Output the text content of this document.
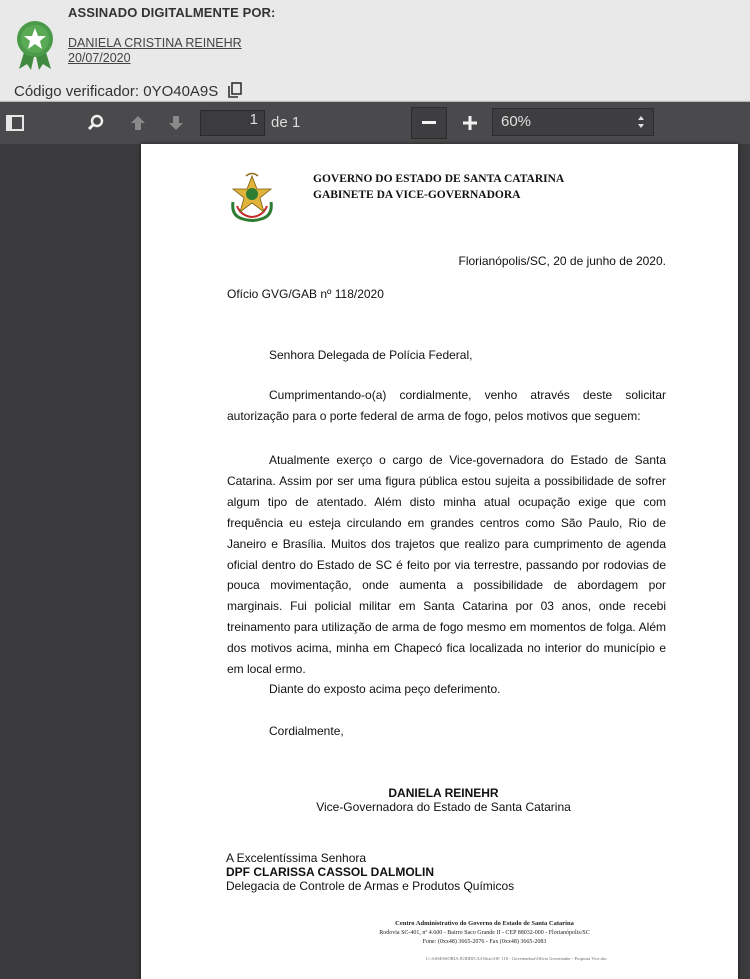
ASSINADO DIGITALMENTE POR:
DANIELA CRISTINA REINEHR
20/07/2020
Código verificador: 0YO40A9S
1 de 1	60%
GOVERNO DO ESTADO DE SANTA CATARINA
GABINETE DA VICE-GOVERNADORA
Florianópolis/SC, 20 de junho de 2020.
Ofício GVG/GAB nº 118/2020
Senhora Delegada de Polícia Federal,
Cumprimentando-o(a) cordialmente, venho através deste solicitar autorização para o porte federal de arma de fogo, pelos motivos que seguem:
Atualmente exerço o cargo de Vice-governadora do Estado de Santa Catarina. Assim por ser uma figura pública estou sujeita a possibilidade de sofrer algum tipo de atentado. Além disto minha atual ocupação exige que com frequência eu esteja circulando em grandes centros como São Paulo, Rio de Janeiro e Brasília. Muitos dos trajetos que realizo para cumprimento de agenda oficial dentro do Estado de SC é feito por via terrestre, passando por rodovias de pouca movimentação, onde aumenta a possibilidade de abordagem por marginais. Fui policial militar em Santa Catarina por 03 anos, onde recebi treinamento para utilização de arma de fogo mesmo em momentos de folga. Além dos motivos acima, minha em Chapecó fica localizada no interior do município e em local ermo.
Diante do exposto acima peço deferimento.
Cordialmente,
DANIELA REINEHR
Vice-Governadora do Estado de Santa Catarina
A Excelentíssima Senhora
DPF CLARISSA CASSOL DALMOLIN
Delegacia de Controle de Armas e Produtos Químicos
Centro Administrativo do Governo do Estado de Santa Catarina
Rodovia SC-401, nº 4.600 - Bairro Saco Grande II - CEP 88032-000 - Florianópolis/SC
Fone: (0xx48) 3665-2076 - Fax (0xx48) 3665-2083
C:\ASSESSORIA JURIDICA\Ofício\OF. 118 - Governadora\Ofício Governador - Proposta Vice.doc
